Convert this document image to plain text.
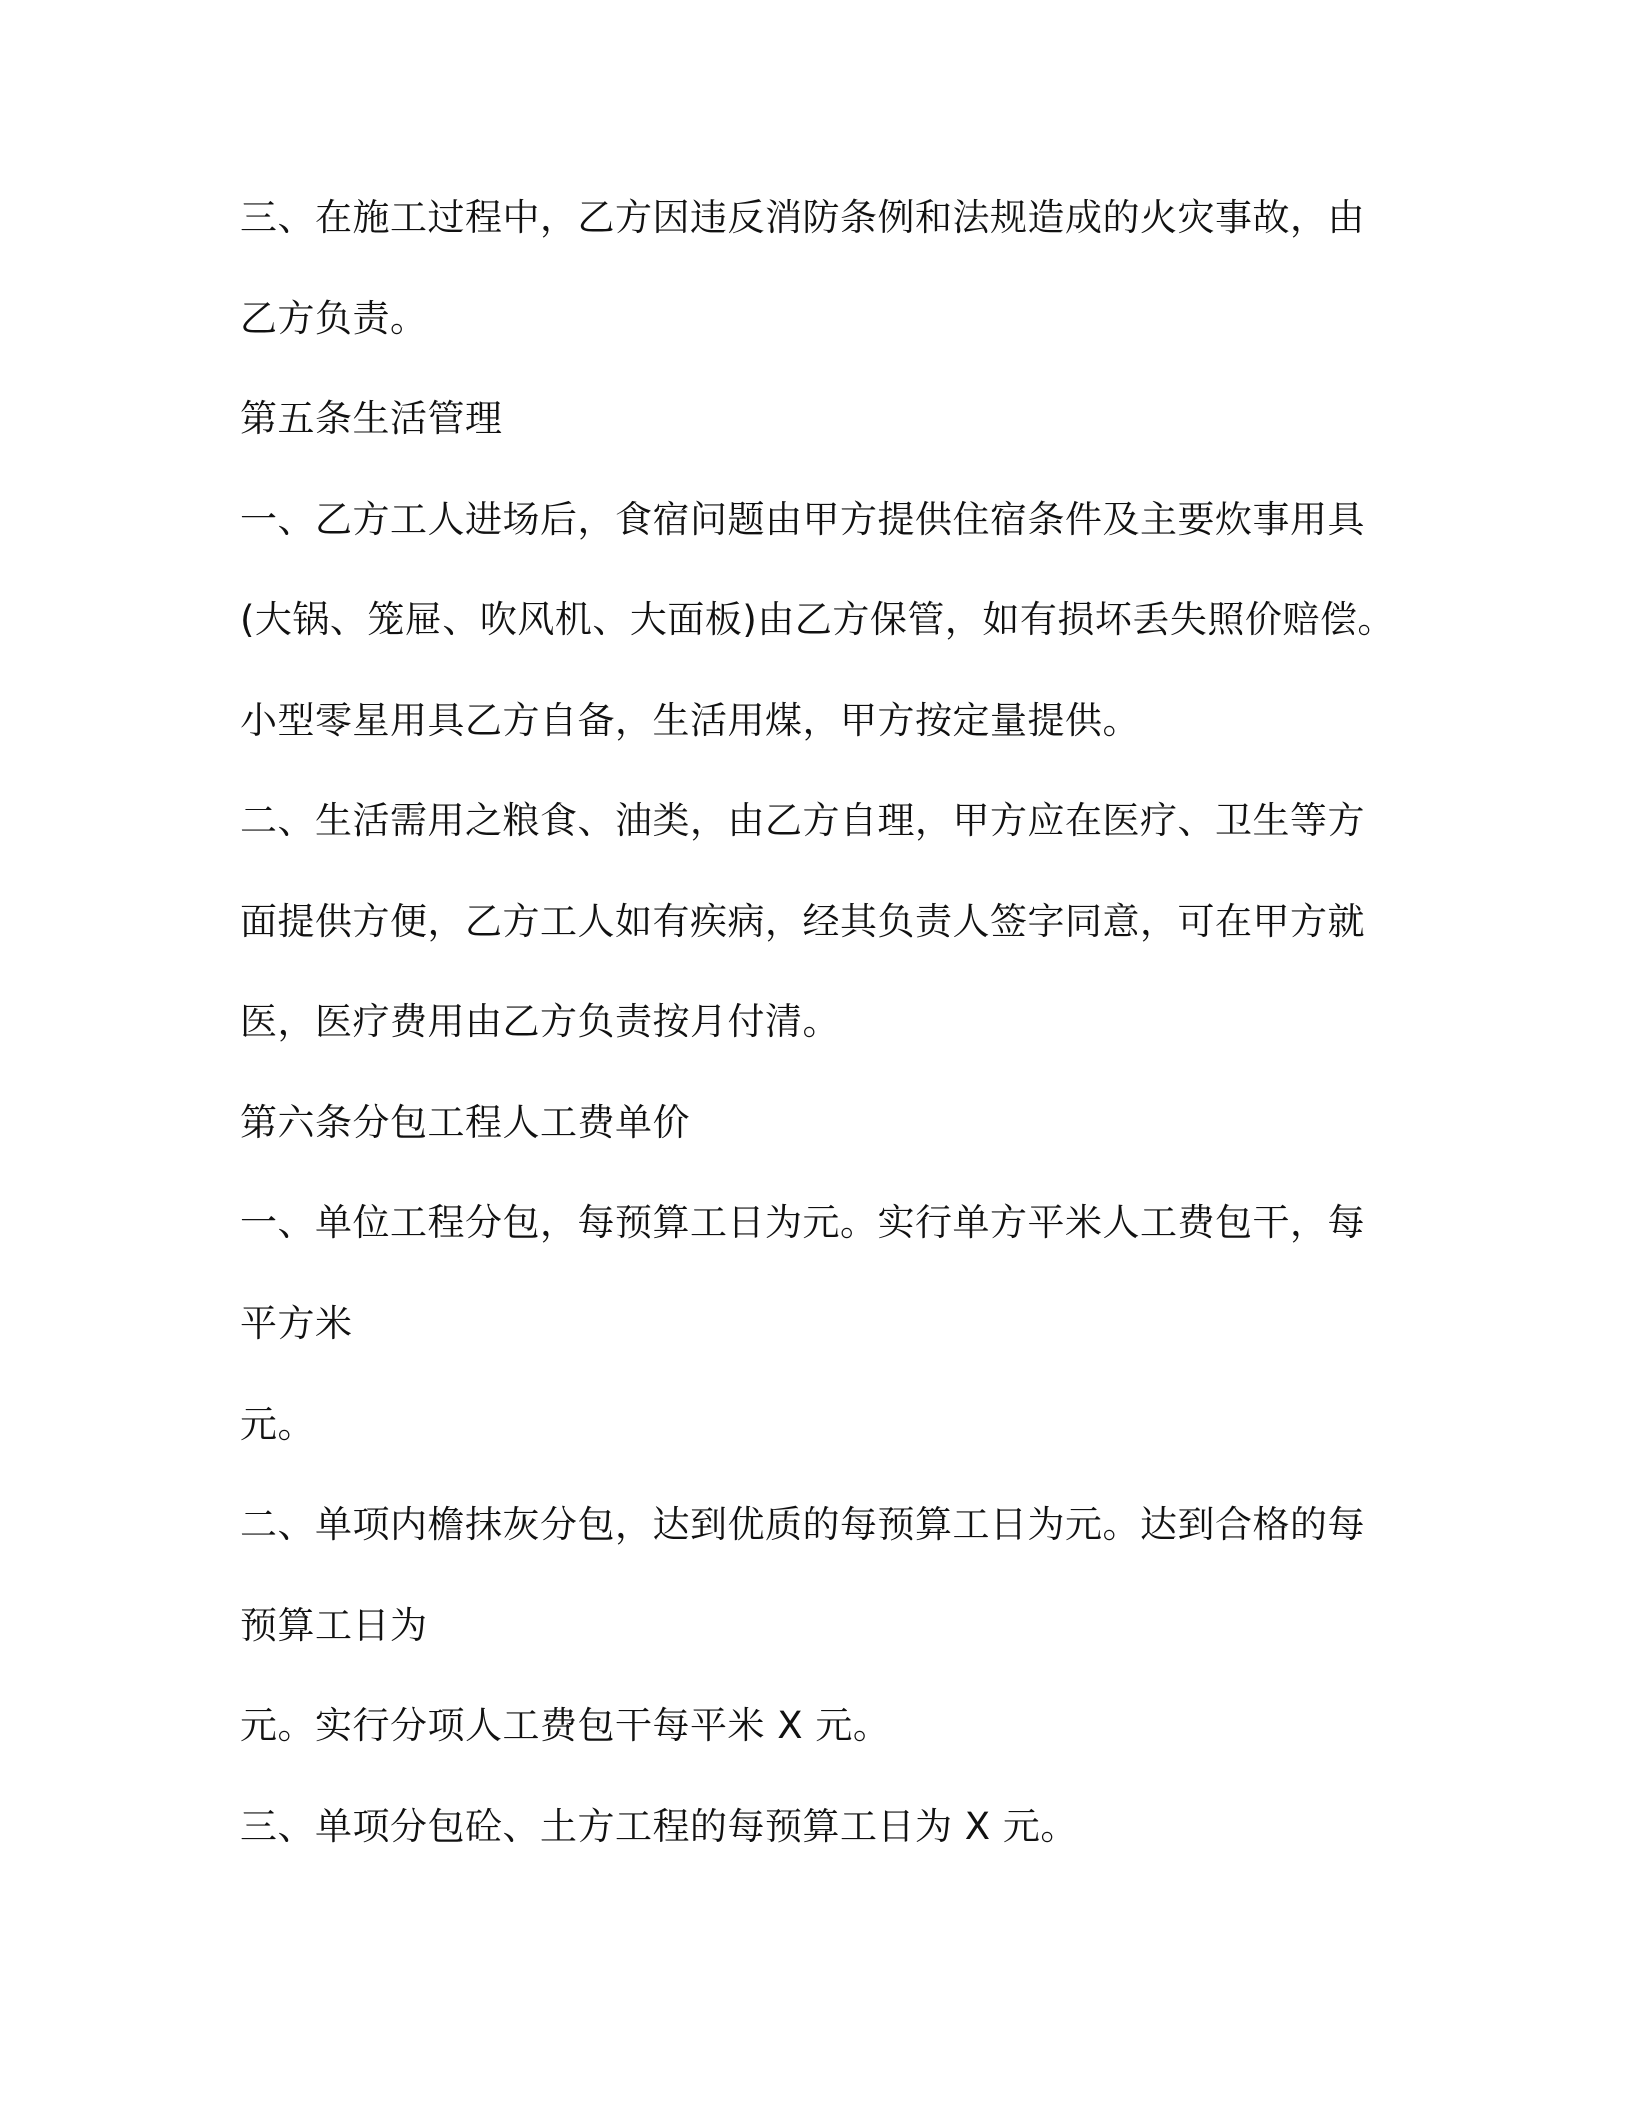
三、在施工过程中，乙方因违反消防条例和法规造成的火灾事故，由

乙方负责。

第五条生活管理

一、乙方工人进场后，食宿问题由甲方提供住宿条件及主要炊事用具

(大锅、笼屉、吹风机、大面板)由乙方保管，如有损坏丢失照价赔偿。

小型零星用具乙方自备，生活用煤，甲方按定量提供。

二、生活需用之粮食、油类，由乙方自理，甲方应在医疗、卫生等方

面提供方便，乙方工人如有疾病，经其负责人签字同意，可在甲方就

医，医疗费用由乙方负责按月付清。

第六条分包工程人工费单价

一、单位工程分包，每预算工日为元。实行单方平米人工费包干，每

平方米

元。

二、单项内檐抹灰分包，达到优质的每预算工日为元。达到合格的每

预算工日为

元。实行分项人工费包干每平米 X 元。

三、单项分包砼、土方工程的每预算工日为 X 元。
